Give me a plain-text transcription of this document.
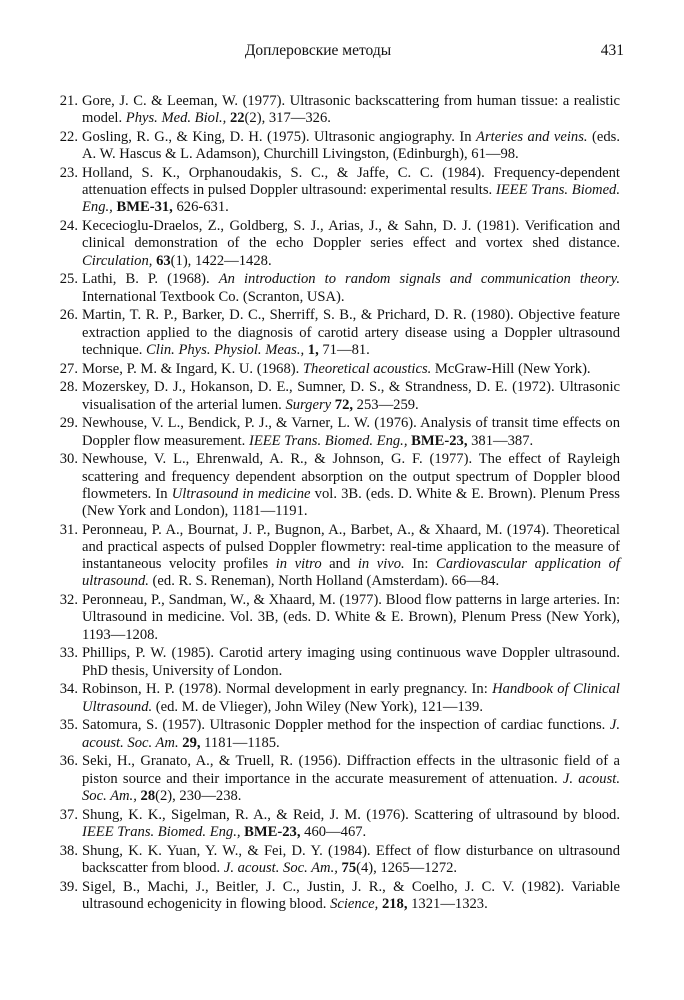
Доплеровские методы	431
21. Gore, J. C. & Leeman, W. (1977). Ultrasonic backscattering from human tissue: a realistic model. Phys. Med. Biol., 22(2), 317—326.
22. Gosling, R. G., & King, D. H. (1975). Ultrasonic angiography. In Arteries and veins. (eds. A. W. Hascus & L. Adamson), Churchill Livingston, (Edinburgh), 61—98.
23. Holland, S. K., Orphanoudakis, S. C., & Jaffe, C. C. (1984). Frequency-dependent attenuation effects in pulsed Doppler ultrasound: experimental results. IEEE Trans. Biomed. Eng., BME-31, 626-631.
24. Kececioglu-Draelos, Z., Goldberg, S. J., Arias, J., & Sahn, D. J. (1981). Verification and clinical demonstration of the echo Doppler series effect and vortex shed distance. Circulation, 63(1), 1422—1428.
25. Lathi, B. P. (1968). An introduction to random signals and communication theory. International Textbook Co. (Scranton, USA).
26. Martin, T. R. P., Barker, D. C., Sherriff, S. B., & Prichard, D. R. (1980). Objective feature extraction applied to the diagnosis of carotid artery disease using a Doppler ultrasound technique. Clin. Phys. Physiol. Meas., 1, 71—81.
27. Morse, P. M. & Ingard, K. U. (1968). Theoretical acoustics. McGraw-Hill (New York).
28. Mozerskey, D. J., Hokanson, D. E., Sumner, D. S., & Strandness, D. E. (1972). Ultrasonic visualisation of the arterial lumen. Surgery 72, 253—259.
29. Newhouse, V. L., Bendick, P. J., & Varner, L. W. (1976). Analysis of transit time effects on Doppler flow measurement. IEEE Trans. Biomed. Eng., BME-23, 381—387.
30. Newhouse, V. L., Ehrenwald, A. R., & Johnson, G. F. (1977). The effect of Rayleigh scattering and frequency dependent absorption on the output spectrum of Doppler blood flowmeters. In Ultrasound in medicine vol. 3B. (eds. D. White & E. Brown). Plenum Press (New York and London), 1181—1191.
31. Peronneau, P. A., Bournat, J. P., Bugnon, A., Barbet, A., & Xhaard, M. (1974). Theoretical and practical aspects of pulsed Doppler flowmetry: real-time application to the measure of instantaneous velocity profiles in vitro and in vivo. In: Cardiovascular application of ultrasound. (ed. R. S. Reneman), North Holland (Amsterdam). 66—84.
32. Peronneau, P., Sandman, W., & Xhaard, M. (1977). Blood flow patterns in large arteries. In: Ultrasound in medicine. Vol. 3B, (eds. D. White & E. Brown), Plenum Press (New York), 1193—1208.
33. Phillips, P. W. (1985). Carotid artery imaging using continuous wave Doppler ultrasound. PhD thesis, University of London.
34. Robinson, H. P. (1978). Normal development in early pregnancy. In: Handbook of Clinical Ultrasound. (ed. M. de Vlieger), John Wiley (New York), 121—139.
35. Satomura, S. (1957). Ultrasonic Doppler method for the inspection of cardiac functions. J. acoust. Soc. Am. 29, 1181—1185.
36. Seki, H., Granato, A., & Truell, R. (1956). Diffraction effects in the ultrasonic field of a piston source and their importance in the accurate measurement of attenuation. J. acoust. Soc. Am., 28(2), 230—238.
37. Shung, K. K., Sigelman, R. A., & Reid, J. M. (1976). Scattering of ultrasound by blood. IEEE Trans. Biomed. Eng., BME-23, 460—467.
38. Shung, K. K. Yuan, Y. W., & Fei, D. Y. (1984). Effect of flow disturbance on ultrasound backscatter from blood. J. acoust. Soc. Am., 75(4), 1265—1272.
39. Sigel, B., Machi, J., Beitler, J. C., Justin, J. R., & Coelho, J. C. V. (1982). Variable ultrasound echogenicity in flowing blood. Science, 218, 1321—1323.
